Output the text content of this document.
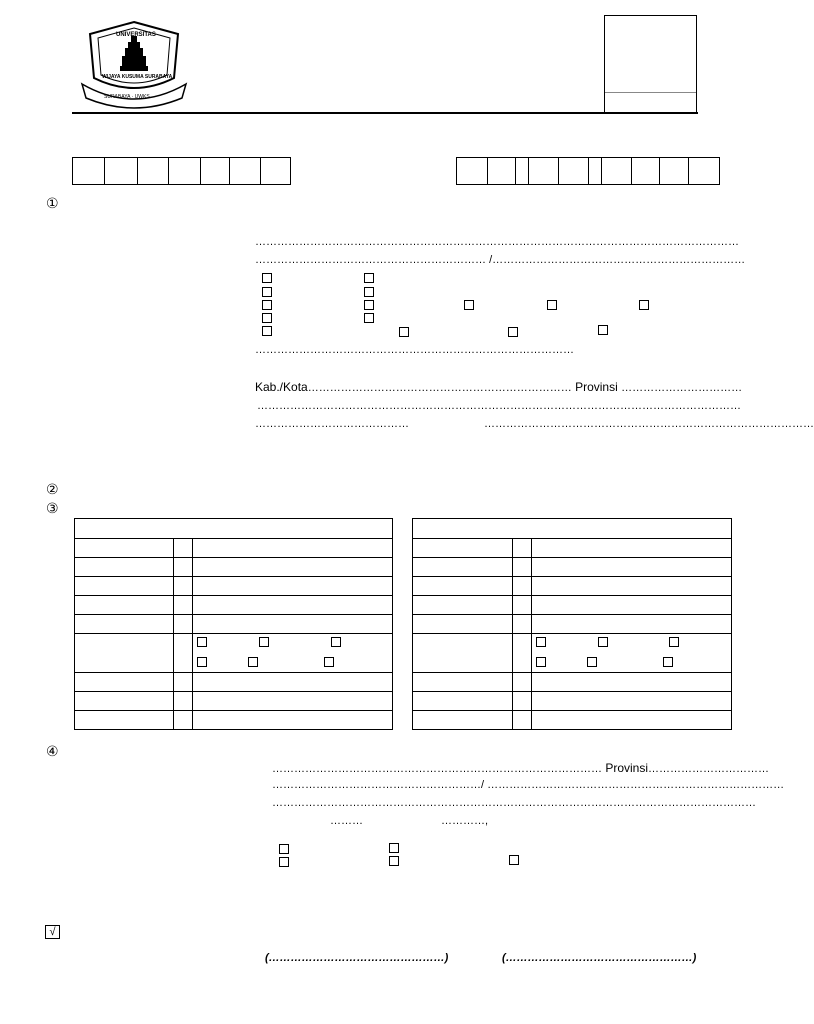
UNIVERSITAS
WIJAYA KUSUMA SURABAYA
SURABAYA · UWKS
①
……………………………………………………………………………………………………………………
……………………………………………………… /……………………………………………………………
……………………………………………………………………………
Kab./Kota……………………………………………………………… Provinsi ……………………………
……………………………………………………………………………………………………………………
……………………………………	………………………………………………………………………………
②
③
④
……………………………………………………………………………… Provinsi……………………………
…………………………………………………/ ………………………………………………………………………
……………………………………………………………………………………………………………………
………	…………,
√
(…………………………………………)	(……………………………………………)
